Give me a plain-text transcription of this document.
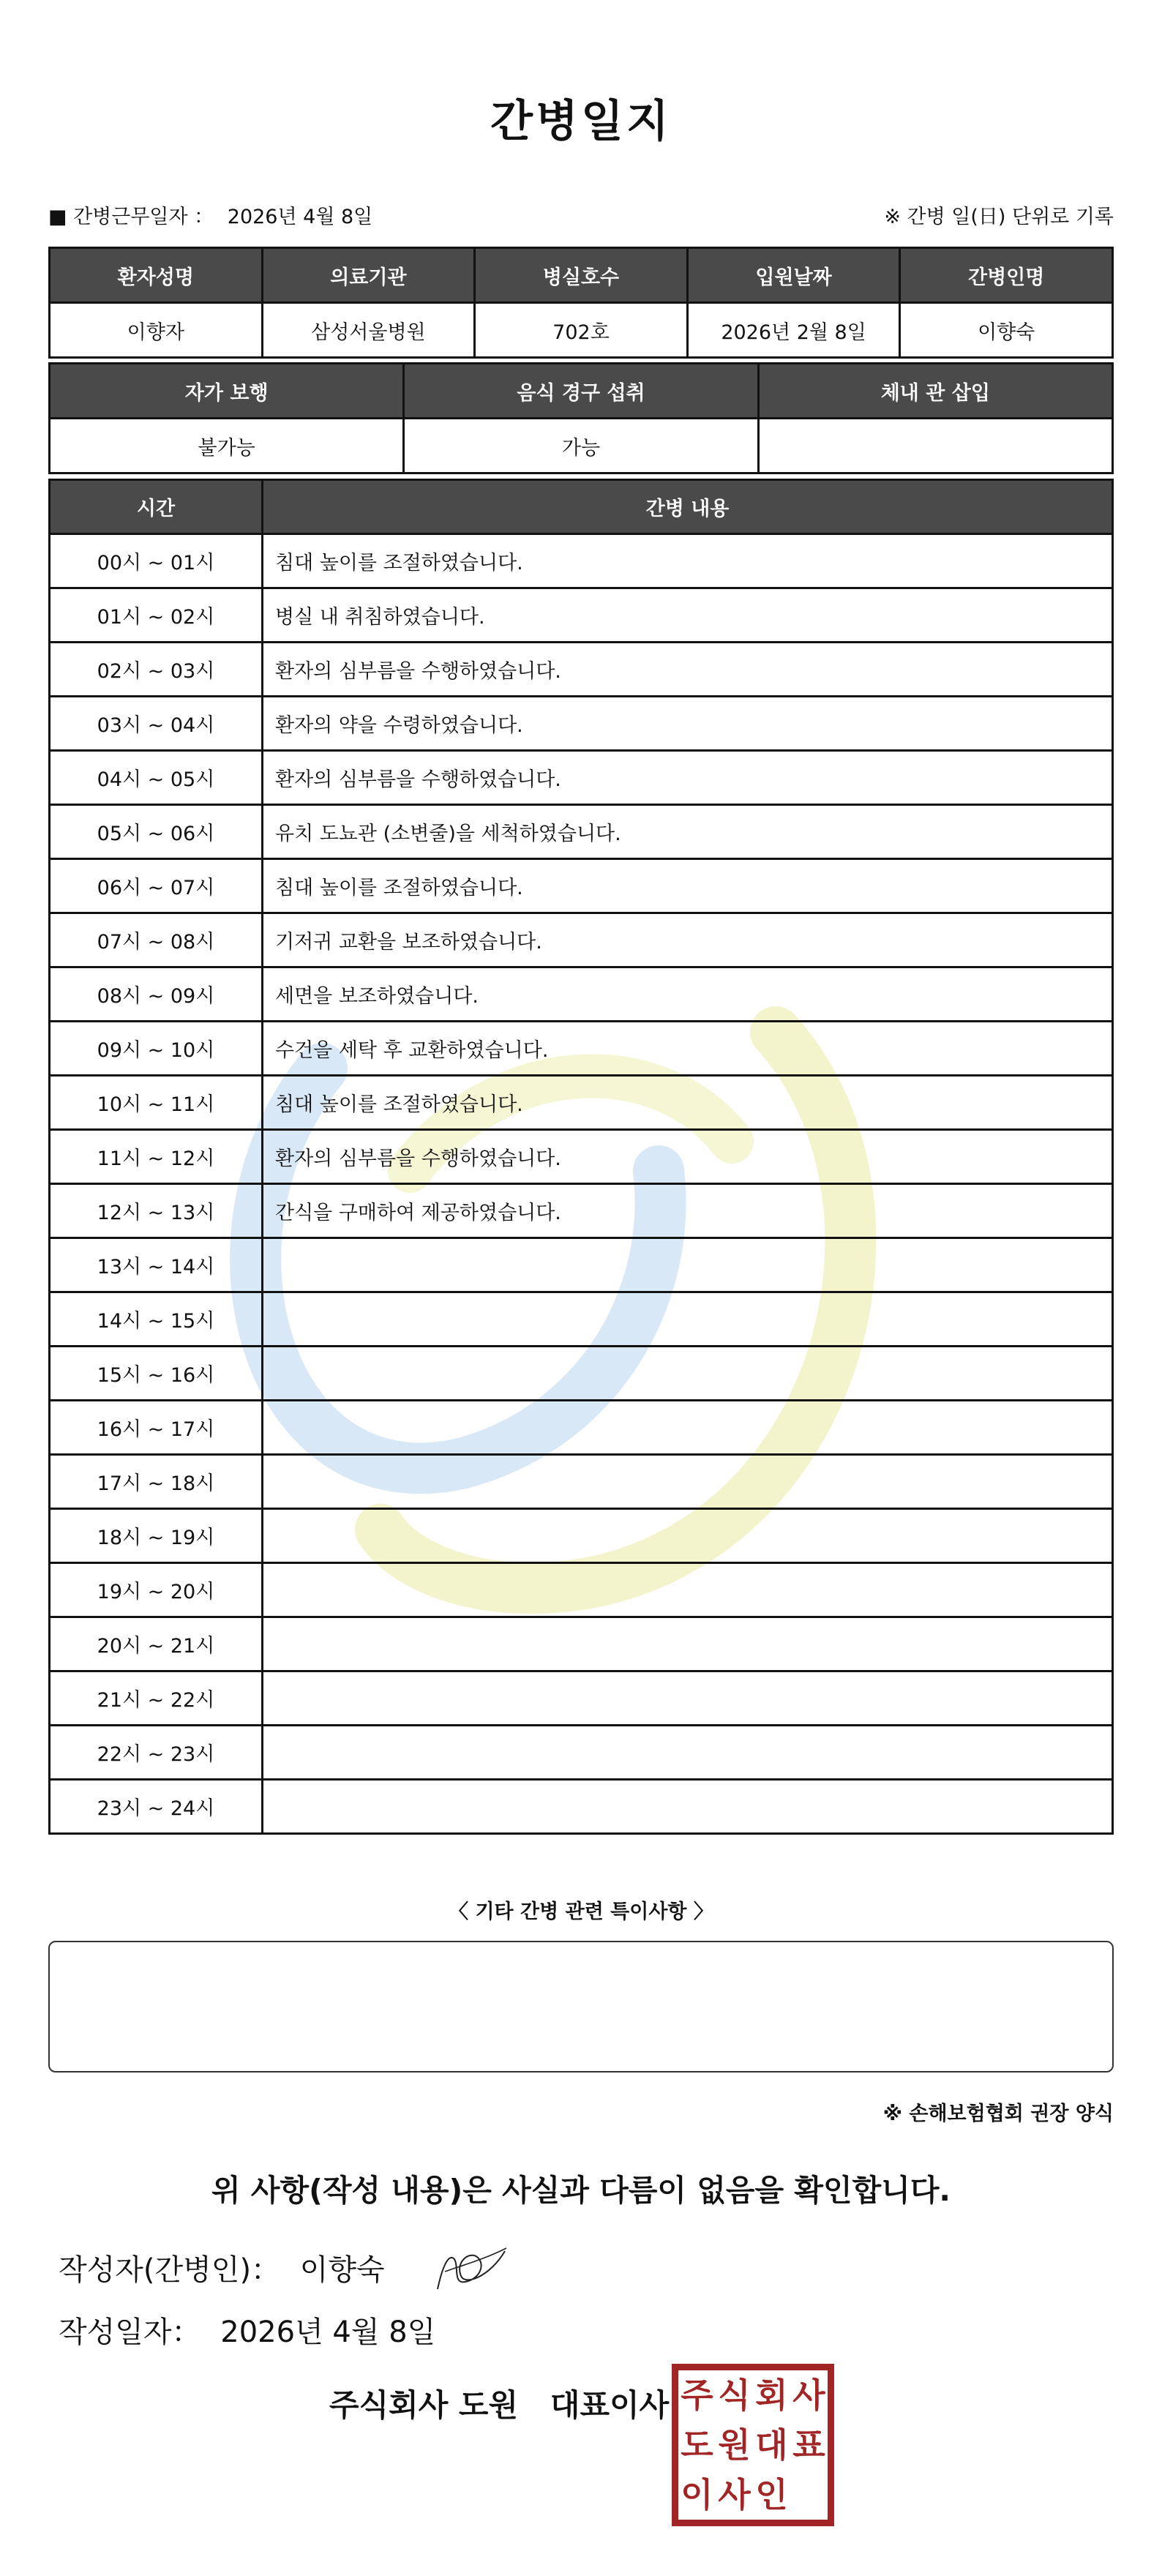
간병일지
■ 간병근무일자 ： 2026년 4월 8일	※ 간병 일(日) 단위로 기록
환자성명	의료기관	병실호수	입원날짜	간병인명
이향자	삼성서울병원	702호	2026년 2월 8일	이향숙
자가 보행	음식 경구 섭취	체내 관 삽입
불가능	가능	
시간	간병 내용
00시 ~ 01시	침대 높이를 조절하였습니다.
01시 ~ 02시	병실 내 취침하였습니다.
02시 ~ 03시	환자의 심부름을 수행하였습니다.
03시 ~ 04시	환자의 약을 수령하였습니다.
04시 ~ 05시	환자의 심부름을 수행하였습니다.
05시 ~ 06시	유치 도뇨관 (소변줄)을 세척하였습니다.
06시 ~ 07시	침대 높이를 조절하였습니다.
07시 ~ 08시	기저귀 교환을 보조하였습니다.
08시 ~ 09시	세면을 보조하였습니다.
09시 ~ 10시	수건을 세탁 후 교환하였습니다.
10시 ~ 11시	침대 높이를 조절하였습니다.
11시 ~ 12시	환자의 심부름을 수행하였습니다.
12시 ~ 13시	간식을 구매하여 제공하였습니다.
13시 ~ 14시	
14시 ~ 15시	
15시 ~ 16시	
16시 ~ 17시	
17시 ~ 18시	
18시 ~ 19시	
19시 ~ 20시	
20시 ~ 21시	
21시 ~ 22시	
22시 ~ 23시	
23시 ~ 24시	
〈 기타 간병 관련 특이사항 〉
※ 손해보험협회 권장 양식
위 사항(작성 내용)은 사실과 다름이 없음을 확인합니다.
작성자(간병인)： 이향숙
작성일자： 2026년 4월 8일
주식회사 도원   대표이사 주 식 회 사
도 원 대 표
이 사 인
